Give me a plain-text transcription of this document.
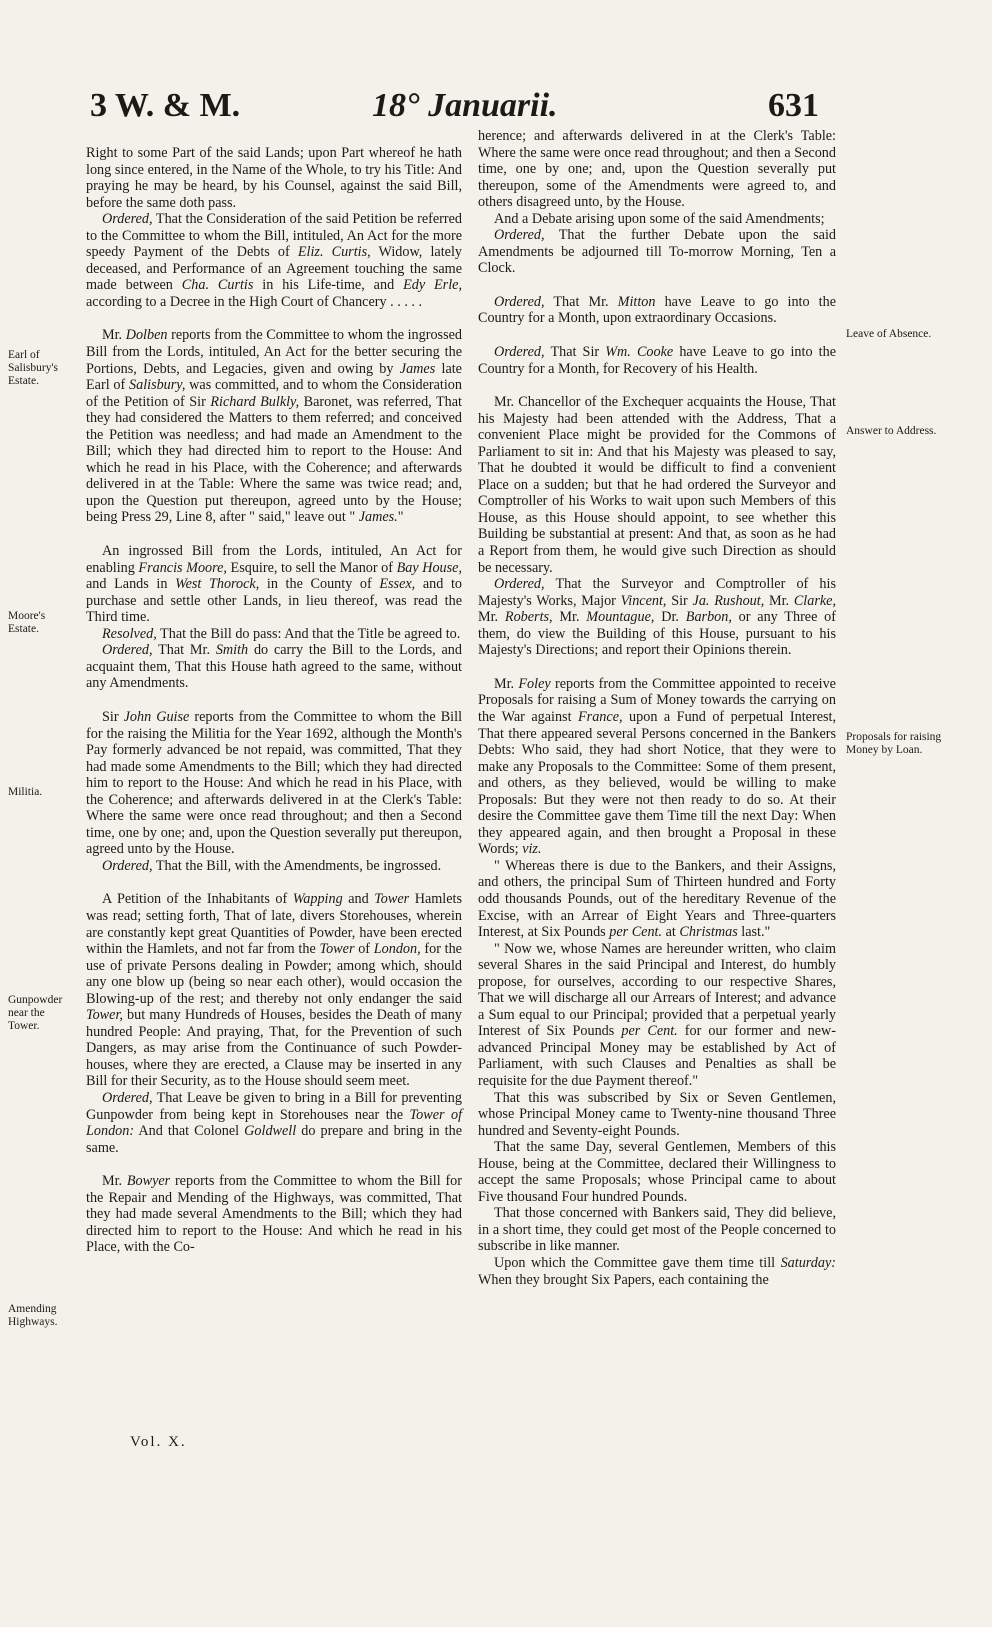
3 W. & M.	18° Januarii.	631
Earl of Salisbury's Estate.
Moore's Estate.
Militia.
Gunpowder near the Tower.
Amending Highways.
Leave of Absence.
Answer to Address.
Proposals for raising Money by Loan.

Right to some Part of the said Lands; upon Part whereof he hath long since entered, in the Name of the Whole, to try his Title: And praying he may be heard, by his Counsel, against the said Bill, before the same doth pass.

Ordered, That the Consideration of the said Petition be referred to the Committee to whom the Bill, intituled, An Act for the more speedy Payment of the Debts of Eliz. Curtis, Widow, lately deceased, and Performance of an Agreement touching the same made between Cha. Curtis in his Life-time, and Edy Erle, according to a Decree in the High Court of Chancery . . . . .

Mr. Dolben reports from the Committee to whom the ingrossed Bill from the Lords, intituled, An Act for the better securing the Portions, Debts, and Legacies, given and owing by James late Earl of Salisbury, was committed, and to whom the Consideration of the Petition of Sir Richard Bulkly, Baronet, was referred, That they had considered the Matters to them referred; and conceived the Petition was needless; and had made an Amendment to the Bill; which they had directed him to report to the House: And which he read in his Place, with the Coherence; and afterwards delivered in at the Table: Where the same was twice read; and, upon the Question put thereupon, agreed unto by the House; being Press 29, Line 8, after " said," leave out " James."

An ingrossed Bill from the Lords, intituled, An Act for enabling Francis Moore, Esquire, to sell the Manor of Bay House, and Lands in West Thorock, in the County of Essex, and to purchase and settle other Lands, in lieu thereof, was read the Third time.

Resolved, That the Bill do pass: And that the Title be agreed to.

Ordered, That Mr. Smith do carry the Bill to the Lords, and acquaint them, That this House hath agreed to the same, without any Amendments.

Sir John Guise reports from the Committee to whom the Bill for the raising the Militia for the Year 1692, although the Month's Pay formerly advanced be not repaid, was committed, That they had made some Amendments to the Bill; which they had directed him to report to the House: And which he read in his Place, with the Coherence; and afterwards delivered in at the Clerk's Table: Where the same were once read throughout; and then a Second time, one by one; and, upon the Question severally put thereupon, agreed unto by the House.

Ordered, That the Bill, with the Amendments, be ingrossed.

A Petition of the Inhabitants of Wapping and Tower Hamlets was read; setting forth, That of late, divers Storehouses, wherein are constantly kept great Quantities of Powder, have been erected within the Hamlets, and not far from the Tower of London, for the use of private Persons dealing in Powder; among which, should any one blow up (being so near each other), would occasion the Blowing-up of the rest; and thereby not only endanger the said Tower, but many Hundreds of Houses, besides the Death of many hundred People: And praying, That, for the Prevention of such Dangers, as may arise from the Continuance of such Powder-houses, where they are erected, a Clause may be inserted in any Bill for their Security, as to the House should seem meet.

Ordered, That Leave be given to bring in a Bill for preventing Gunpowder from being kept in Storehouses near the Tower of London: And that Colonel Goldwell do prepare and bring in the same.

Mr. Bowyer reports from the Committee to whom the Bill for the Repair and Mending of the Highways, was committed, That they had made several Amendments to the Bill; which they had directed him to report to the House: And which he read in his Place, with the Co-

Vol. X.

herence; and afterwards delivered in at the Clerk's Table: Where the same were once read throughout; and then a Second time, one by one; and, upon the Question severally put thereupon, some of the Amendments were agreed to, and others disagreed unto, by the House.

And a Debate arising upon some of the said Amendments;

Ordered, That the further Debate upon the said Amendments be adjourned till To-morrow Morning, Ten a Clock.

Ordered, That Mr. Mitton have Leave to go into the Country for a Month, upon extraordinary Occasions.

Ordered, That Sir Wm. Cooke have Leave to go into the Country for a Month, for Recovery of his Health.

Mr. Chancellor of the Exchequer acquaints the House, That his Majesty had been attended with the Address, That a convenient Place might be provided for the Commons of Parliament to sit in: And that his Majesty was pleased to say, That he doubted it would be difficult to find a convenient Place on a sudden; but that he had ordered the Surveyor and Comptroller of his Works to wait upon such Members of this House, as this House should appoint, to see whether this Building be substantial at present: And that, as soon as he had a Report from them, he would give such Direction as should be necessary.

Ordered, That the Surveyor and Comptroller of his Majesty's Works, Major Vincent, Sir Ja. Rushout, Mr. Clarke, Mr. Roberts, Mr. Mountague, Dr. Barbon, or any Three of them, do view the Building of this House, pursuant to his Majesty's Directions; and report their Opinions therein.

Mr. Foley reports from the Committee appointed to receive Proposals for raising a Sum of Money towards the carrying on the War against France, upon a Fund of perpetual Interest, That there appeared several Persons concerned in the Bankers Debts: Who said, they had short Notice, that they were to make any Proposals to the Committee: Some of them present, and others, as they believed, would be willing to make Proposals: But they were not then ready to do so. At their desire the Committee gave them Time till the next Day: When they appeared again, and then brought a Proposal in these Words; viz.

" Whereas there is due to the Bankers, and their Assigns, and others, the principal Sum of Thirteen hundred and Forty odd thousands Pounds, out of the hereditary Revenue of the Excise, with an Arrear of Eight Years and Three-quarters Interest, at Six Pounds per Cent. at Christmas last."

" Now we, whose Names are hereunder written, who claim several Shares in the said Principal and Interest, do humbly propose, for ourselves, according to our respective Shares, That we will discharge all our Arrears of Interest; and advance a Sum equal to our Principal; provided that a perpetual yearly Interest of Six Pounds per Cent. for our former and new-advanced Principal Money may be established by Act of Parliament, with such Clauses and Penalties as shall be requisite for the due Payment thereof."

That this was subscribed by Six or Seven Gentlemen, whose Principal Money came to Twenty-nine thousand Three hundred and Seventy-eight Pounds.

That the same Day, several Gentlemen, Members of this House, being at the Committee, declared their Willingness to accept the same Proposals; whose Principal came to about Five thousand Four hundred Pounds.

That those concerned with Bankers said, They did believe, in a short time, they could get most of the People concerned to subscribe in like manner.

Upon which the Committee gave them time till Saturday: When they brought Six Papers, each containing the
